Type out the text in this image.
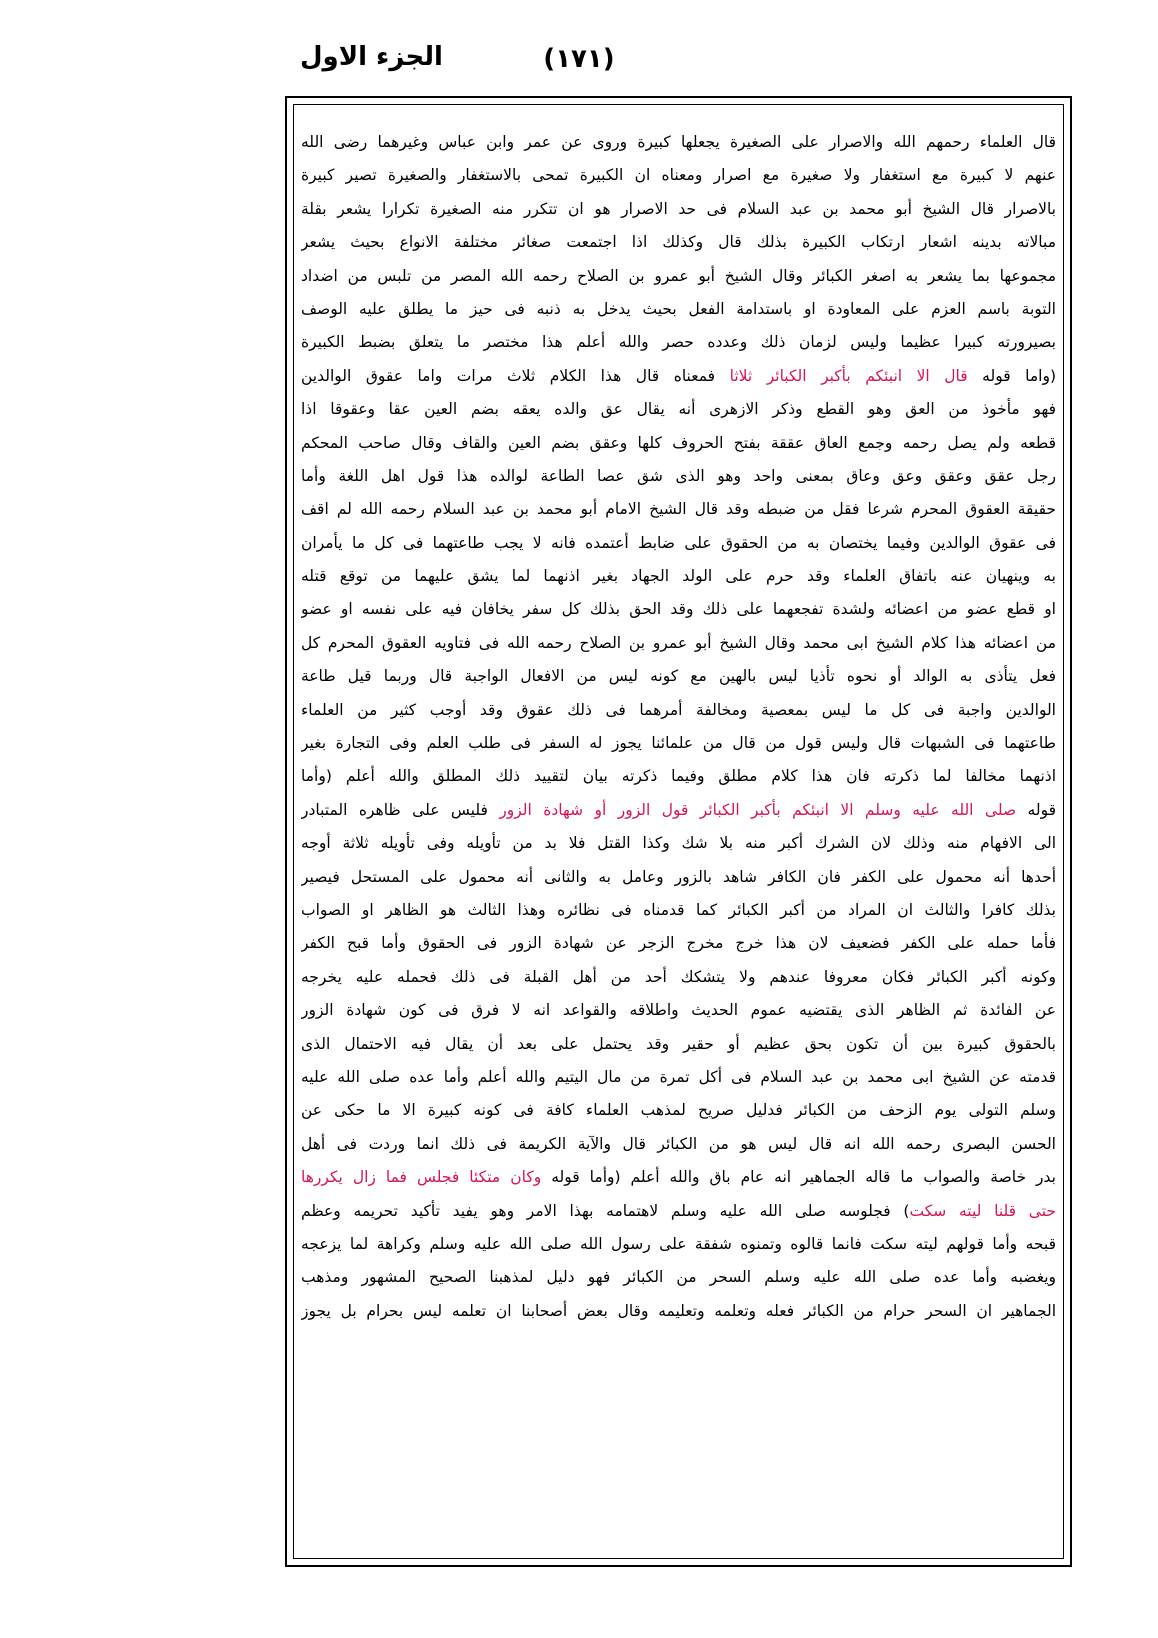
الجزء الاول	(١٧١)
قال العلماء رحمهم الله والاصرار على الصغيرة يجعلها كبيرة وروى عن عمر وابن عباس وغيرهما رضى الله
عنهم لا كبيرة مع استغفار ولا صغيرة مع اصرار ومعناه ان الكبيرة تمحى بالاستغفار والصغيرة تصير كبيرة
بالاصرار قال الشيخ أبو محمد بن عبد السلام فى حد الاصرار هو ان تتكرر منه الصغيرة تكرارا يشعر بقلة
مبالاته بدينه اشعار ارتكاب الكبيرة بذلك قال وكذلك اذا اجتمعت صغائر مختلفة الانواع بحيث يشعر
مجموعها بما يشعر به اصغر الكبائر وقال الشيخ أبو عمرو بن الصلاح رحمه الله المصر من تلبس من اضداد
التوبة باسم العزم على المعاودة او باستدامة الفعل بحيث يدخل به ذنبه فى حيز ما يطلق عليه الوصف
بصيرورته كبيرا عظيما وليس لزمان ذلك وعدده حصر والله أعلم هذا مختصر ما يتعلق بضبط الكبيرة
(واما قوله قال الا انبئكم بأكبر الكبائر ثلاثا فمعناه قال هذا الكلام ثلاث مرات واما عقوق الوالدين
فهو مأخوذ من العق وهو القطع وذكر الازهرى أنه يقال عق والده يعقه بضم العين عقا وعقوقا اذا
قطعه ولم يصل رحمه وجمع العاق عققة بفتح الحروف كلها وعقق بضم العين والقاف وقال صاحب المحكم
رجل عقق وعقق وعق وعاق بمعنى واحد وهو الذى شق عصا الطاعة لوالده هذا قول اهل اللغة وأما
حقيقة العقوق المحرم شرعا فقل من ضبطه وقد قال الشيخ الامام أبو محمد بن عبد السلام رحمه الله لم اقف
فى عقوق الوالدين وفيما يختصان به من الحقوق على ضابط أعتمده فانه لا يجب طاعتهما فى كل ما يأمران
به وينهيان عنه باتفاق العلماء وقد حرم على الولد الجهاد بغير اذنهما لما يشق عليهما من توقع قتله
او قطع عضو من اعضائه ولشدة تفجعهما على ذلك وقد الحق بذلك كل سفر يخافان فيه على نفسه او عضو
من اعضائه هذا كلام الشيخ ابى محمد وقال الشيخ أبو عمرو بن الصلاح رحمه الله فى فتاويه العقوق المحرم كل
فعل يتأذى به الوالد أو نحوه تأذيا ليس بالهين مع كونه ليس من الافعال الواجبة قال وربما قيل طاعة
الوالدين واجبة فى كل ما ليس بمعصية ومخالفة أمرهما فى ذلك عقوق وقد أوجب كثير من العلماء
طاعتهما فى الشبهات قال وليس قول من قال من علمائنا يجوز له السفر فى طلب العلم وفى التجارة بغير
اذنهما مخالفا لما ذكرته فان هذا كلام مطلق وفيما ذكرته بيان لتقييد ذلك المطلق والله أعلم (وأما
قوله صلى الله عليه وسلم الا انبئكم بأكبر الكبائر قول الزور أو شهادة الزور فليس على ظاهره المتبادر
الى الافهام منه وذلك لان الشرك أكبر منه بلا شك وكذا القتل فلا بد من تأويله وفى تأويله ثلاثة أوجه
أحدها أنه محمول على الكفر فان الكافر شاهد بالزور وعامل به والثانى أنه محمول على المستحل فيصير
بذلك كافرا والثالث ان المراد من أكبر الكبائر كما قدمناه فى نظائره وهذا الثالث هو الظاهر او الصواب
فأما حمله على الكفر فضعيف لان هذا خرج مخرج الزجر عن شهادة الزور فى الحقوق وأما قبح الكفر
وكونه أكبر الكبائر فكان معروفا عندهم ولا يتشكك أحد من أهل القبلة فى ذلك فحمله عليه يخرجه
عن الفائدة ثم الظاهر الذى يقتضيه عموم الحديث واطلاقه والقواعد انه لا فرق فى كون شهادة الزور
بالحقوق كبيرة بين أن تكون بحق عظيم أو حقير وقد يحتمل على بعد أن يقال فيه الاحتمال الذى
قدمته عن الشيخ ابى محمد بن عبد السلام فى أكل تمرة من مال اليتيم والله أعلم وأما عده صلى الله عليه
وسلم التولى يوم الزحف من الكبائر فدليل صريح لمذهب العلماء كافة فى كونه كبيرة الا ما حكى عن
الحسن البصرى رحمه الله انه قال ليس هو من الكبائر قال والآية الكريمة فى ذلك انما وردت فى أهل
بدر خاصة والصواب ما قاله الجماهير انه عام باق والله أعلم (وأما قوله وكان متكئا فجلس فما زال يكررها
حتى قلنا ليته سكت) فجلوسه صلى الله عليه وسلم لاهتمامه بهذا الامر وهو يفيد تأكيد تحريمه وعظم
قبحه وأما قولهم ليته سكت فانما قالوه وتمنوه شفقة على رسول الله صلى الله عليه وسلم وكراهة لما يزعجه
ويغضبه وأما عده صلى الله عليه وسلم السحر من الكبائر فهو دليل لمذهبنا الصحيح المشهور ومذهب
الجماهير ان السحر حرام من الكبائر فعله وتعلمه وتعليمه وقال بعض أصحابنا ان تعلمه ليس بحرام بل يجوز
